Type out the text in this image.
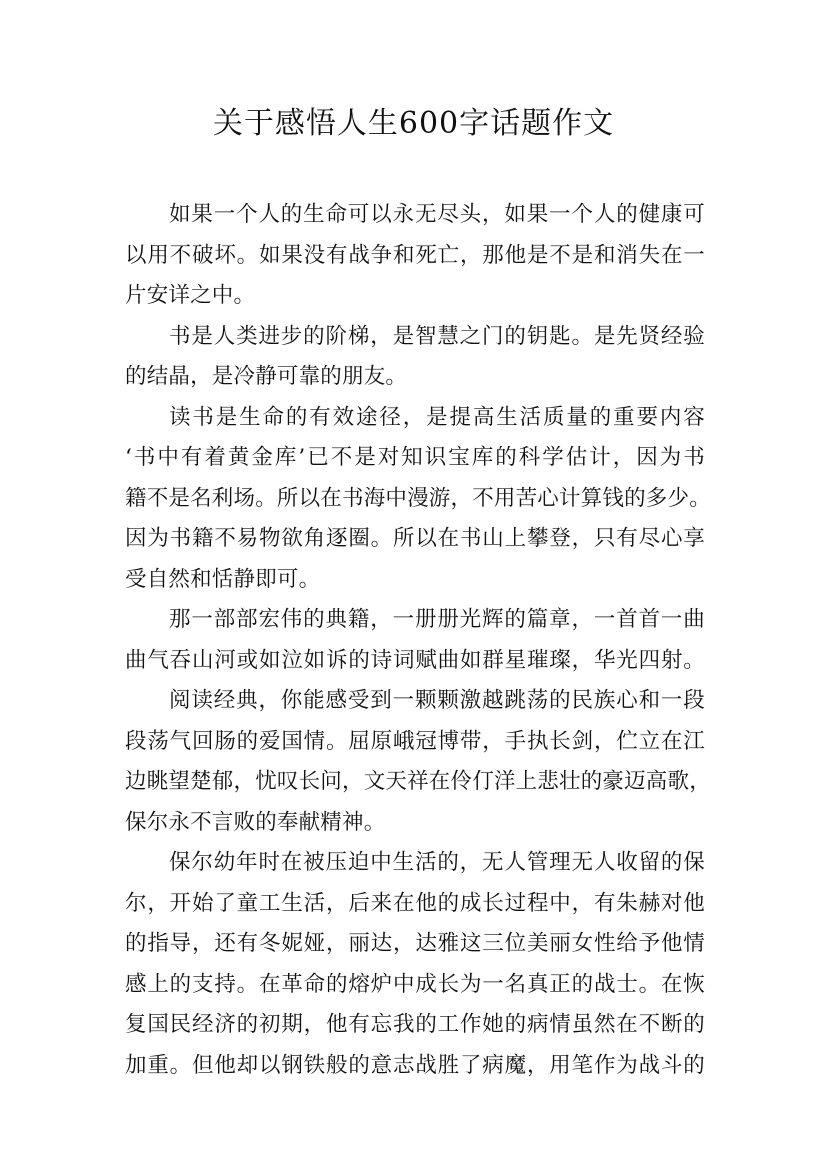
关于感悟人生600字话题作文
如果一个人的生命可以永无尽头，如果一个人的健康可
以用不破坏。如果没有战争和死亡，那他是不是和消失在一
片安详之中。
书是人类进步的阶梯，是智慧之门的钥匙。是先贤经验
的结晶，是冷静可靠的朋友。
读书是生命的有效途径，是提高生活质量的重要内容
‘书中有着黄金库’已不是对知识宝库的科学估计，因为书
籍不是名利场。所以在书海中漫游，不用苦心计算钱的多少。
因为书籍不易物欲角逐圈。所以在书山上攀登，只有尽心享
受自然和恬静即可。
那一部部宏伟的典籍，一册册光辉的篇章，一首首一曲
曲气吞山河或如泣如诉的诗词赋曲如群星璀璨，华光四射。
阅读经典，你能感受到一颗颗激越跳荡的民族心和一段
段荡气回肠的爱国情。屈原峨冠博带，手执长剑，伫立在江
边眺望楚郁，忧叹长问，文天祥在伶仃洋上悲壮的豪迈高歌，
保尔永不言败的奉献精神。
保尔幼年时在被压迫中生活的，无人管理无人收留的保
尔，开始了童工生活，后来在他的成长过程中，有朱赫对他
的指导，还有冬妮娅，丽达，达雅这三位美丽女性给予他情
感上的支持。在革命的熔炉中成长为一名真正的战士。在恢
复国民经济的初期，他有忘我的工作她的病情虽然在不断的
加重。但他却以钢铁般的意志战胜了病魔，用笔作为战斗的
